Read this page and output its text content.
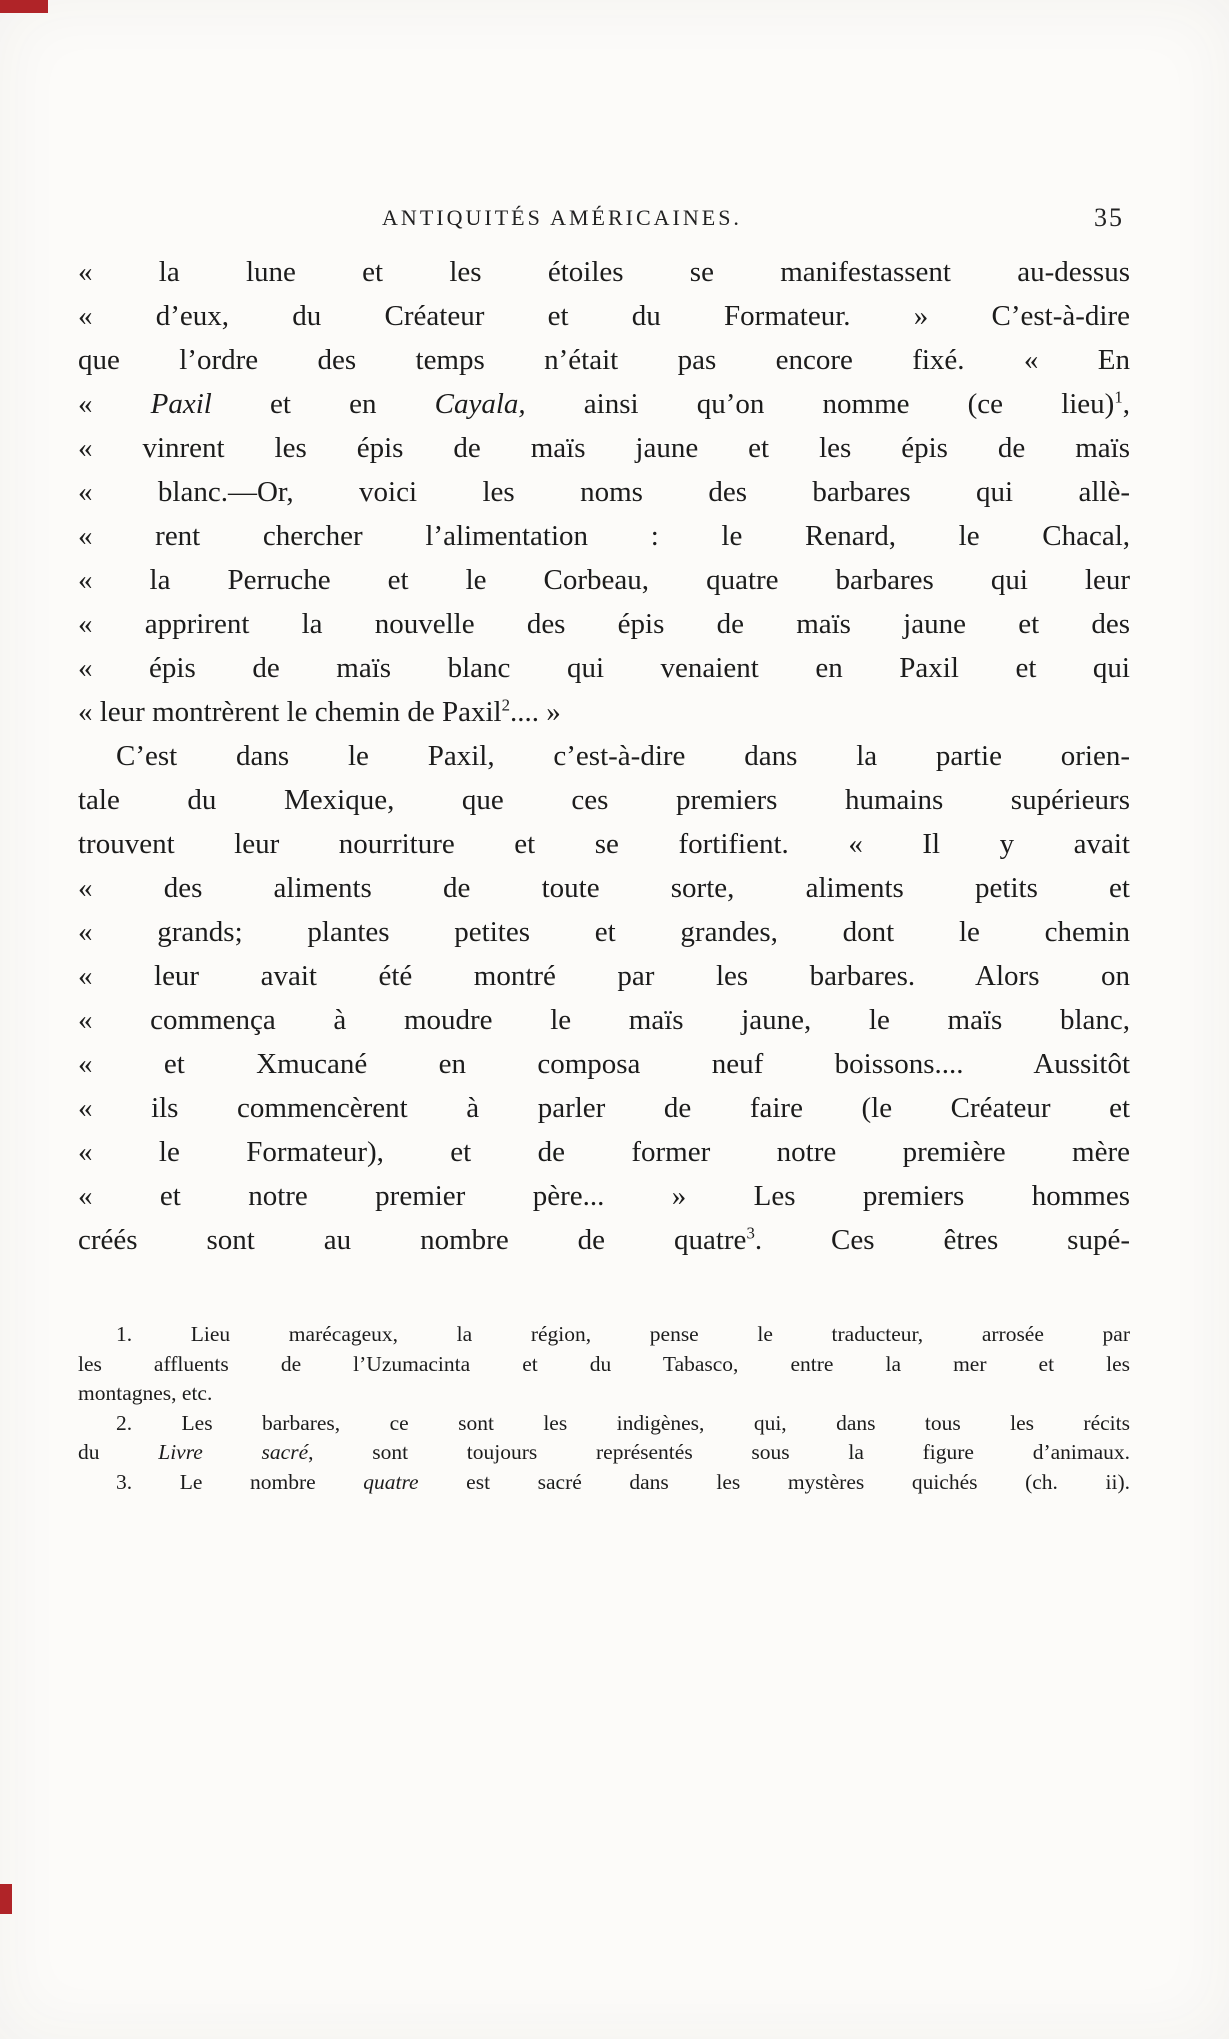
ANTIQUITÉS AMÉRICAINES.	35
« la lune et les étoiles se manifestassent au-dessus
« d’eux, du Créateur et du Formateur. » C’est-à-dire
que l’ordre des temps n’était pas encore fixé. « En
« Paxil et en Cayala, ainsi qu’on nomme (ce lieu)$^1$,
« vinrent les épis de maïs jaune et les épis de maïs
« blanc.—Or, voici les noms des barbares qui allè-
« rent chercher l’alimentation : le Renard, le Chacal,
« la Perruche et le Corbeau, quatre barbares qui leur
« apprirent la nouvelle des épis de maïs jaune et des
« épis de maïs blanc qui venaient en Paxil et qui
« leur montrèrent le chemin de Paxil$^2$.... »
C’est dans le Paxil, c’est-à-dire dans la partie orien-
tale du Mexique, que ces premiers humains supérieurs
trouvent leur nourriture et se fortifient. « Il y avait
« des aliments de toute sorte, aliments petits et
« grands; plantes petites et grandes, dont le chemin
« leur avait été montré par les barbares. Alors on
« commença à moudre le maïs jaune, le maïs blanc,
« et Xmucané en composa neuf boissons.... Aussitôt
« ils commencèrent à parler de faire (le Créateur et
« le Formateur), et de former notre première mère
« et notre premier père... » Les premiers hommes
créés sont au nombre de quatre$^3$. Ces êtres supé-
1. Lieu marécageux, la région, pense le traducteur, arrosée par
les affluents de l’Uzumacinta et du Tabasco, entre la mer et les
montagnes, etc.
2. Les barbares, ce sont les indigènes, qui, dans tous les récits
du Livre sacré, sont toujours représentés sous la figure d’animaux.
3. Le nombre quatre est sacré dans les mystères quichés (ch. ii).
